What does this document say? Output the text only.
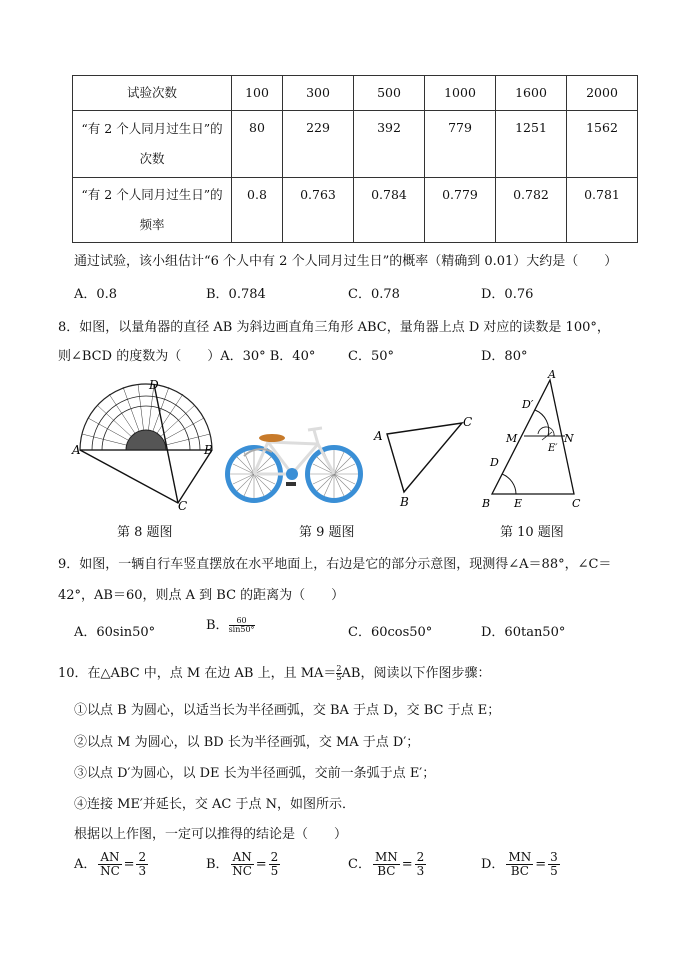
试验次数	100	300	500	1000	1600	2000

“有 2 个人同月过生日”的
次数	80	229	392	779	1251	1562

“有 2 个人同月过生日”的
频率	0.8	0.763	0.784	0.779	0.782	0.781
通过试验，该小组估计“6 个人中有 2 个人同月过生日”的概率（精确到 0.01）大约是（　　）
A．0.8	B．0.784	C．0.78	D．0.76
8．如图，以量角器的直径 AB 为斜边画直角三角形 ABC，量角器上点 D 对应的读数是 100°，
则∠BCD 的度数为（　　）A．30° B．40°	C．50°	D．80°
D
A	B
C
第 8 题图	第 9 题图
A
C
B
A
D′
M	N
E′
D
B E	C
第 10 题图
9．如图，一辆自行车竖直摆放在水平地面上，右边是它的部分示意图，现测得∠A＝88°，∠C＝
42°，AB＝60，则点 A 到 BC 的距离为（　　）
A．60sin50°	B． $\frac{60}{\sin 50^\circ}$	C．60cos50°	D．60tan50°
10．在△ABC 中，点 M 在边 AB 上，且 $MA= \frac{2}{5}$ AB，阅读以下作图步骤：
①以点 B 为圆心，以适当长为半径画弧，交 BA 于点 D，交 BC 于点 E；
②以点 M 为圆心，以 BD 长为半径画弧，交 MA 于点 D′；
③以点 D′为圆心，以 DE 长为半径画弧，交前一条弧于点 E′；
④连接 ME′并延长，交 AC 于点 N，如图所示．
根据以上作图，一定可以推得的结论是（　　）
A． $\frac{AN}{NC} = \frac{2}{3}$	B． $\frac{AN}{NC} = \frac{2}{5}$	C． $\frac{MN}{BC} = \frac{2}{3}$	D． $\frac{MN}{BC} = \frac{3}{5}$
